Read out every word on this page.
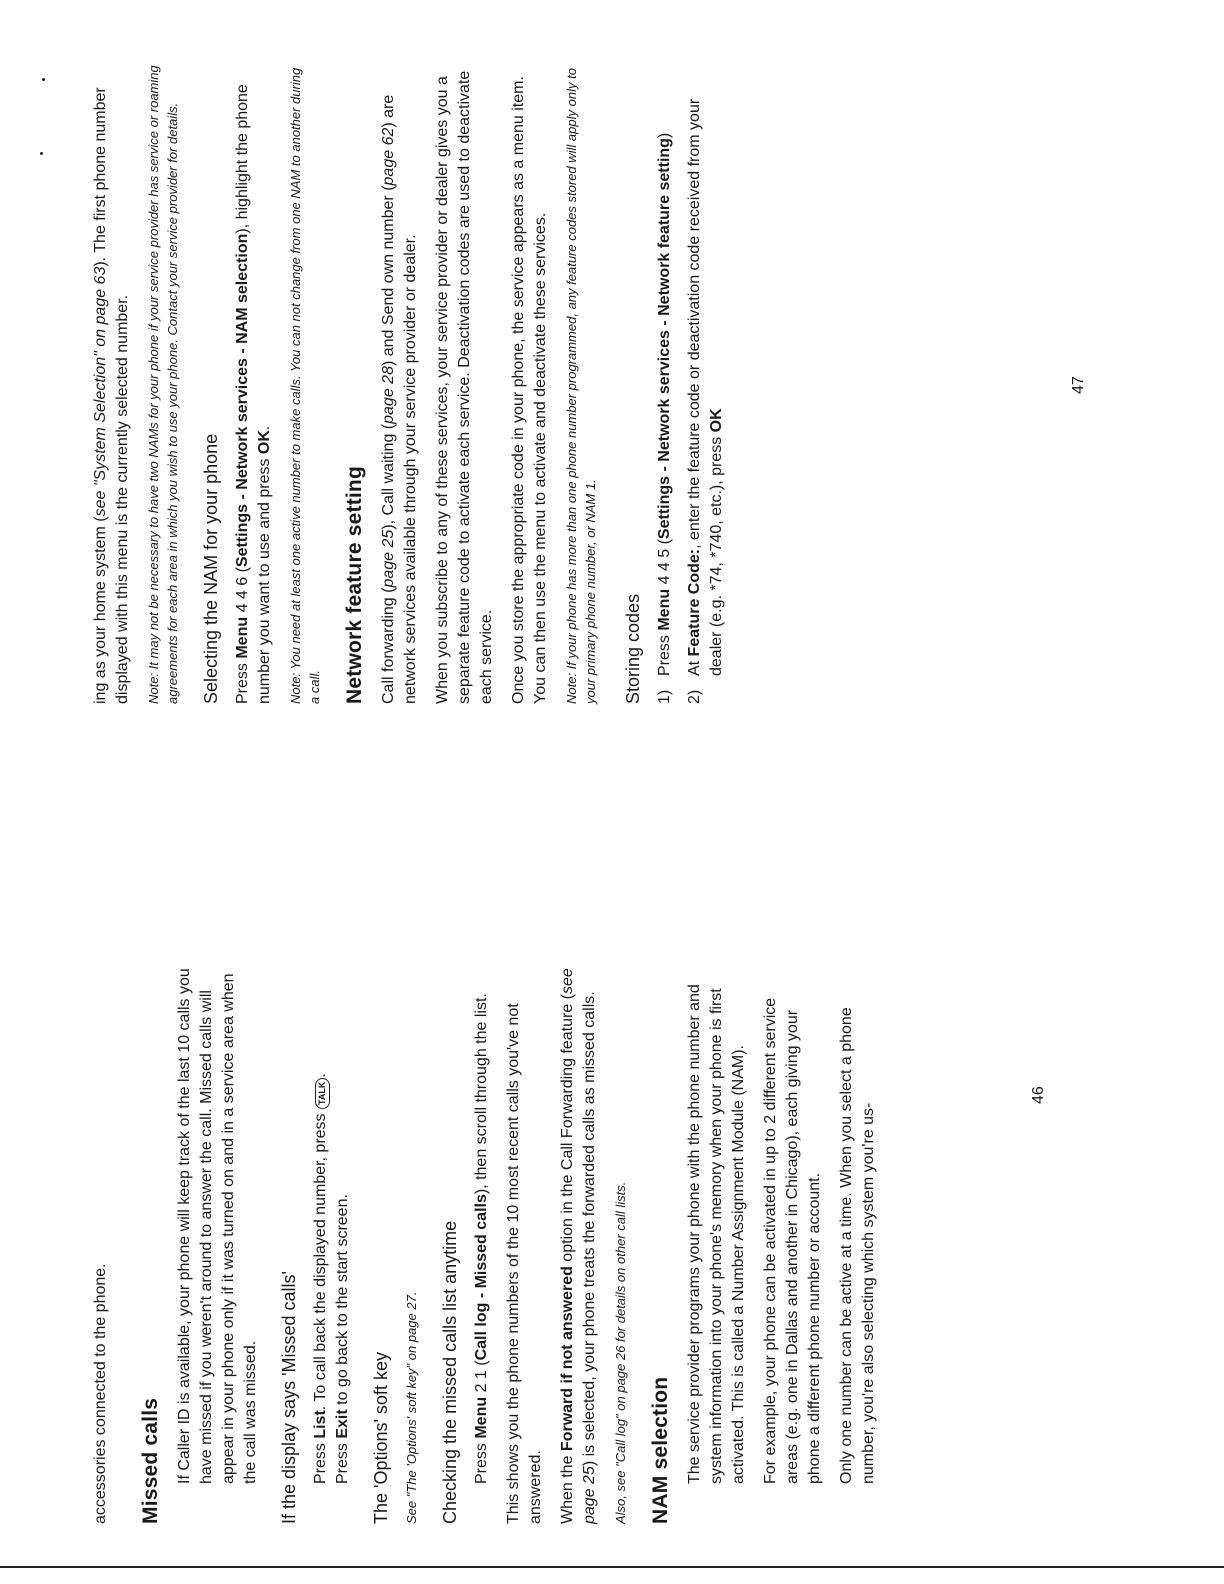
accessories connected to the phone. Missed calls If Caller ID is available, your phone will keep track of the last 10 calls you have missed if you weren't around to answer the call. Missed calls will appear in your phone only if it was turned on and in a service area when the call was missed. If the display says 'Missed calls' Press List. To call back the displayed number, press TALK.
Press Exit to go back to the start screen.

The 'Options' soft key See "The 'Options' soft key" on page 27. Checking the missed calls list anytime Press Menu 2 1 (Call log - Missed calls), then scroll through the list. This shows you the phone numbers of the 10 most recent calls you've not answered. When the Forward if not answered option in the Call Forwarding feature (see page 25) is selected, your phone treats the forwarded calls as missed calls. Also, see "Call log" on page 26 for details on other call lists. NAM selection The service provider programs your phone with the phone number and system information into your phone's memory when your phone is first activated. This is called a Number Assignment Module (NAM). For example, your phone can be activated in up to 2 different service areas (e.g. one in Dallas and another in Chicago), each giving your phone a different phone number or account. Only one number can be active at a time. When you select a phone number, you're also selecting which system you're us-

46

ing as your home system (see "System Selection" on page 63). The first phone number displayed with this menu is the currently selected number. Note: It may not be necessary to have two NAMs for your phone if your service provider has service or roaming agreements for each area in which you wish to use your phone. Contact your service provider for details. Selecting the NAM for your phone Press Menu 4 4 6 (Settings - Network services - NAM selection), highlight the phone number you want to use and press OK. Note: You need at least one active number to make calls. You can not change from one NAM to another during a call. Network feature setting Call forwarding (page 25), Call waiting (page 28) and Send own number (page 62) are network services available through your service provider or dealer. When you subscribe to any of these services, your service provider or dealer gives you a separate feature code to activate each service. Deactivation codes are used to deactivate each service. Once you store the appropriate code in your phone, the service appears as a menu item. You can then use the menu to activate and deactivate these services. Note: If your phone has more than one phone number programmed, any feature codes stored will apply only to your primary phone number, or NAM 1. Storing codes 1)
Press Menu 4 4 5 (Settings - Network services - Network feature setting)
2)
At Feature Code:, enter the feature code or deactivation code received from your dealer (e.g. *74, *740, etc.), press OK
47
